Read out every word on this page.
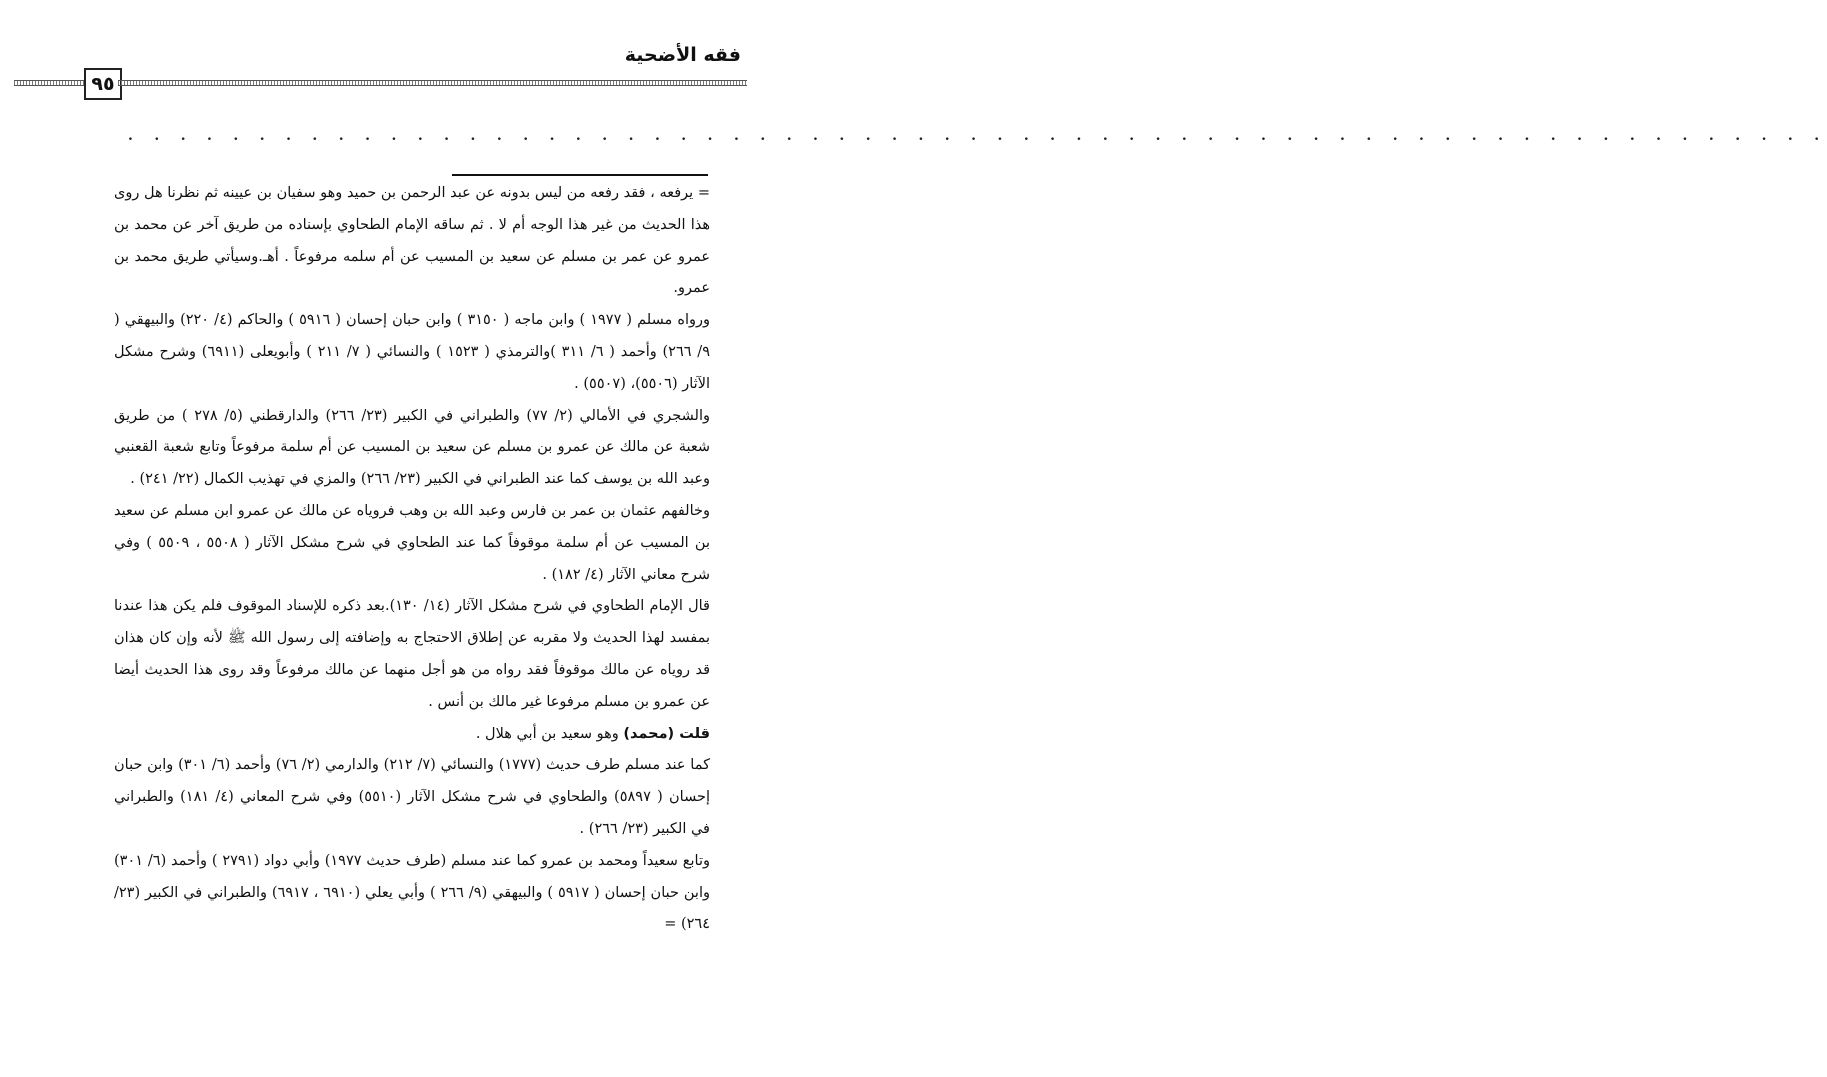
فقه الأضحية
٩٥
. . . . . . . . . . . . . . . . . . . . . . . . . . . . . . . . . . . . . . . . . . . . . . . . . . . . . . . . . . . . . . . . .

= يرفعه ، فقد رفعه من ليس بدونه عن عبد الرحمن بن حميد وهو سفيان بن عيينه ثم نظرنا هل روى هذا الحديث من غير هذا الوجه أم لا . ثم ساقه الإمام الطحاوي بإسناده من طريق آخر عن محمد بن عمرو عن عمر بن مسلم عن سعيد بن المسيب عن أم سلمه مرفوعاً . أهـ.وسيأتي طريق محمد بن عمرو.

ورواه مسلم ( ١٩٧٧ ) وابن ماجه ( ٣١٥٠ ) وابن حبان إحسان ( ٥٩١٦ ) والحاكم (٤/ ٢٢٠) والبيهقي ( ٩/ ٢٦٦) وأحمد ( ٦/ ٣١١ )والترمذي ( ١٥٢٣ ) والنسائي ( ٧/ ٢١١ ) وأبويعلى (٦٩١١) وشرح مشكل الآثار (٥٥٠٦)، (٥٥٠٧) .

والشجري في الأمالي (٢/ ٧٧) والطبراني في الكبير (٢٣/ ٢٦٦) والدارقطني (٥/ ٢٧٨ ) من طريق شعبة عن مالك عن عمرو بن مسلم عن سعيد بن المسيب عن أم سلمة مرفوعاً وتابع شعبة القعنبي وعبد الله بن يوسف كما عند الطبراني في الكبير (٢٣/ ٢٦٦) والمزي في تهذيب الكمال (٢٢/ ٢٤١) .

وخالفهم عثمان بن عمر بن فارس وعبد الله بن وهب فروياه عن مالك عن عمرو ابن مسلم عن سعيد بن المسيب عن أم سلمة موقوفاً كما عند الطحاوي في شرح مشكل الآثار ( ٥٥٠٨ ، ٥٥٠٩ ) وفي شرح معاني الآثار (٤/ ١٨٢) .

قال الإمام الطحاوي في شرح مشكل الآثار (١٤/ ١٣٠).بعد ذكره للإسناد الموقوف فلم يكن هذا عندنا بمفسد لهذا الحديث ولا مقربه عن إطلاق الاحتجاج به وإضافته إلى رسول الله ﷺ لأنه وإن كان هذان قد روياه عن مالك موقوفاً فقد رواه من هو أجل منهما عن مالك مرفوعاً وقد روى هذا الحديث أيضا عن عمرو بن مسلم مرفوعا غير مالك بن أنس .

قلت (محمد) وهو سعيد بن أبي هلال .

كما عند مسلم طرف حديث (١٧٧٧) والنسائي (٧/ ٢١٢) والدارمي (٢/ ٧٦) وأحمد (٦/ ٣٠١) وابن حبان إحسان ( ٥٨٩٧) والطحاوي في شرح مشكل الآثار (٥٥١٠) وفي شرح المعاني (٤/ ١٨١) والطبراني في الكبير (٢٣/ ٢٦٦) .

وتابع سعيداً ومحمد بن عمرو كما عند مسلم (طرف حديث ١٩٧٧) وأبي دواد (٢٧٩١ ) وأحمد (٦/ ٣٠١) وابن حبان إحسان ( ٥٩١٧ ) والبيهقي (٩/ ٢٦٦ ) وأبي يعلي (٦٩١٠ ، ٦٩١٧) والطبراني في الكبير (٢٣/ ٢٦٤) =
